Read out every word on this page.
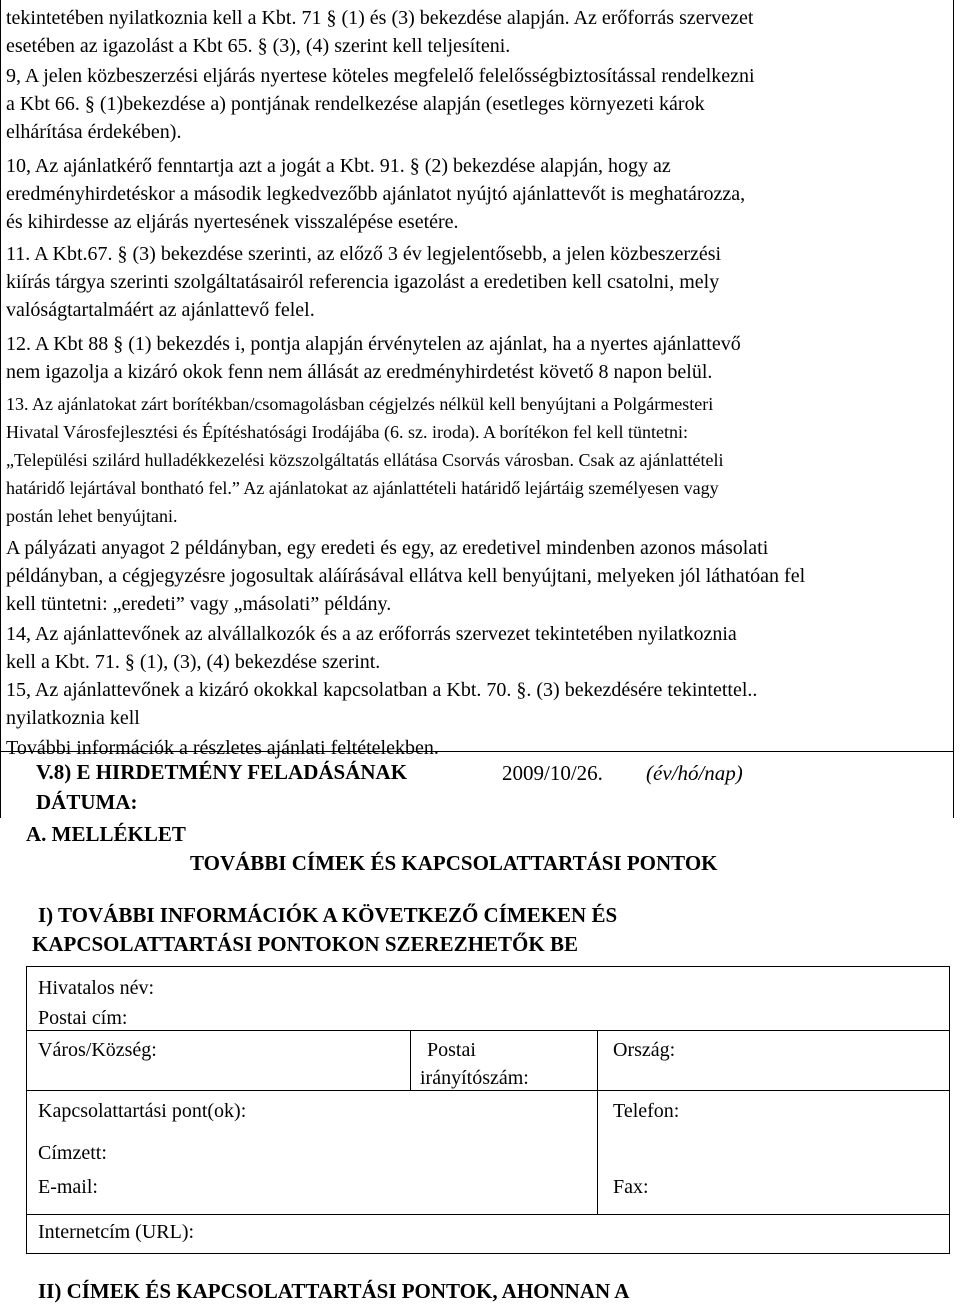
tekintetében nyilatkoznia kell a Kbt. 71 § (1) és (3) bekezdése alapján. Az erőforrás szervezet

esetében az igazolást a Kbt 65. § (3), (4) szerint kell teljesíteni.

9, A jelen közbeszerzési eljárás nyertese köteles megfelelő felelősségbiztosítással rendelkezni

a Kbt 66. § (1)bekezdése a) pontjának rendelkezése alapján (esetleges környezeti károk

elhárítása érdekében).

10, Az ajánlatkérő fenntartja azt a jogát a Kbt. 91. § (2) bekezdése alapján, hogy az

eredményhirdetéskor a második legkedvezőbb ajánlatot nyújtó ajánlattevőt is meghatározza,

és kihirdesse az eljárás nyertesének visszalépése esetére.

11. A Kbt.67. § (3) bekezdése szerinti, az előző 3 év legjelentősebb, a jelen közbeszerzési

kiírás tárgya szerinti szolgáltatásairól referencia igazolást a eredetiben kell csatolni, mely

valóságtartalmáért az ajánlattevő felel.

12. A Kbt 88 § (1) bekezdés i, pontja alapján érvénytelen az ajánlat, ha a nyertes ajánlattevő

nem igazolja a kizáró okok fenn nem állását az eredményhirdetést követő 8 napon belül.

13. Az ajánlatokat zárt borítékban/csomagolásban cégjelzés nélkül kell benyújtani a Polgármesteri

Hivatal Városfejlesztési és Építéshatósági Irodájába (6. sz. iroda). A borítékon fel kell tüntetni:

„Települési szilárd hulladékkezelési közszolgáltatás ellátása Csorvás városban. Csak az ajánlattételi

határidő lejártával bontható fel.” Az ajánlatokat az ajánlattételi határidő lejártáig személyesen vagy

postán lehet benyújtani.

A pályázati anyagot 2 példányban, egy eredeti és egy, az eredetivel mindenben azonos másolati

példányban, a cégjegyzésre jogosultak aláírásával ellátva kell benyújtani, melyeken jól láthatóan fel

kell tüntetni: „eredeti” vagy „másolati” példány.

14, Az ajánlattevőnek az alvállalkozók és a az erőforrás szervezet tekintetében nyilatkoznia

kell a Kbt. 71. § (1), (3), (4) bekezdése szerint.

15, Az ajánlattevőnek a kizáró okokkal kapcsolatban a Kbt. 70. §. (3) bekezdésére tekintettel..

nyilatkoznia kell

További információk a részletes ajánlati feltételekben.

V.8) E HIRDETMÉNY FELADÁSÁNAK

DÁTUMA:

2009/10/26. (év/hó/nap)

A. MELLÉKLET

TOVÁBBI CÍMEK ÉS KAPCSOLATTARTÁSI PONTOK

I) TOVÁBBI INFORMÁCIÓK A KÖVETKEZŐ CÍMEKEN ÉS

KAPCSOLATTARTÁSI PONTOKON SZEREZHETŐK BE

Hivatalos név:

Postai cím:

Város/Község:	Postai

irányítószám:

Ország:

Kapcsolattartási pont(ok):	Telefon:

Címzett:

E-mail:	Fax:

Internetcím (URL):

II) CÍMEK ÉS KAPCSOLATTARTÁSI PONTOK, AHONNAN A
